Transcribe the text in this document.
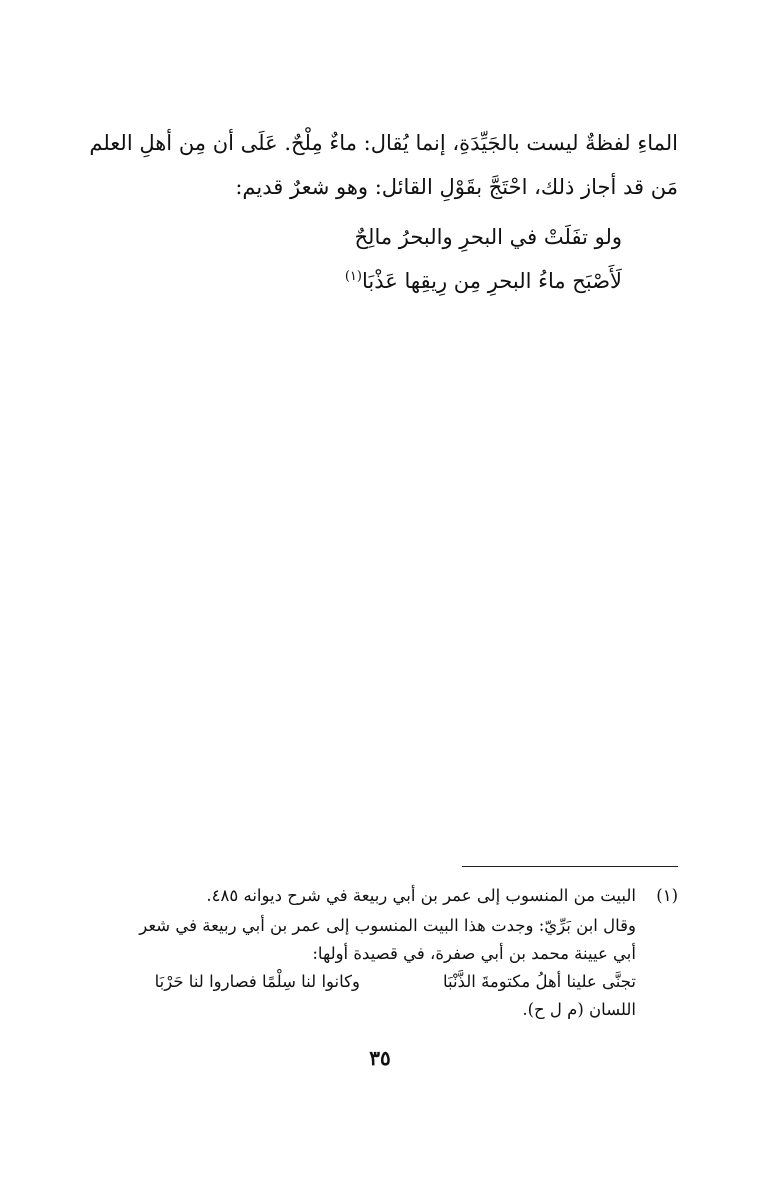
الماءِ لفظةٌ ليست بالجَيِّدَةِ، إنما يُقال: ماءٌ مِلْحٌ. عَلَى أن مِن أهلِ العلم
مَن قد أجاز ذلك، احْتَجَّ بقَوْلِ القائل: وهو شعرٌ قديم:
ولو تفَلَتْ في البحرِ والبحرُ مالِحٌ
لَأَصْبَح ماءُ البحرِ مِن رِيقِها عَذْبَا$^{(١)}$
(١)
البيت من المنسوب إلى عمر بن أبي ربيعة في شرح ديوانه ٤٨٥.
وقال ابن بَرِّيّ: وجدت هذا البيت المنسوب إلى عمر بن أبي ربيعة في شعر
أبي عيينة محمد بن أبي صفرة، في قصيدة أولها:
تجنَّى علينا أهلُ مكتومةَ الذَّنْبَا
وكانوا لنا سِلْمًا فصاروا لنا حَرْبَا
اللسان (م ل ح).
٣٥
